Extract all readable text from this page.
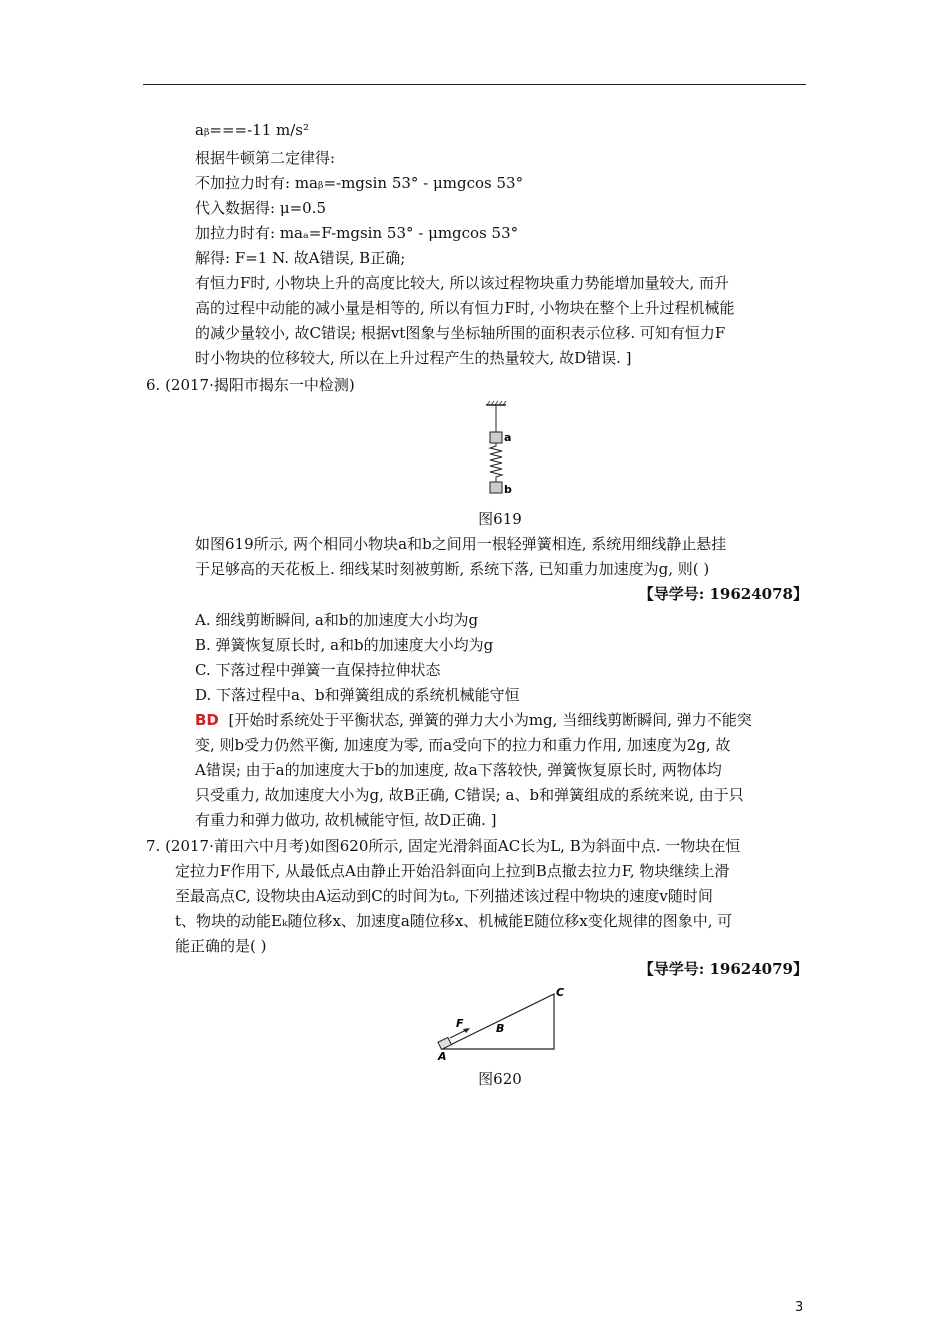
aᵦ===-11 m/s²
根据牛顿第二定律得:
不加拉力时有: maᵦ=-mgsin 53° - μmgcos 53°
代入数据得: μ=0.5
加拉力时有: maₐ=F-mgsin 53° - μmgcos 53°
解得: F=1 N. 故A错误, B正确;
有恒力F时, 小物块上升的高度比较大, 所以该过程物块重力势能增加量较大, 而升
高的过程中动能的减小量是相等的, 所以有恒力F时, 小物块在整个上升过程机械能
的减少量较小, 故C错误; 根据vt图象与坐标轴所围的面积表示位移. 可知有恒力F
时小物块的位移较大, 所以在上升过程产生的热量较大, 故D错误. ]
6. (2017·揭阳市揭东一中检测)
a
b
图619
如图619所示, 两个相同小物块a和b之间用一根轻弹簧相连, 系统用细线静止悬挂
于足够高的天花板上. 细线某时刻被剪断, 系统下落, 已知重力加速度为g, 则( )
【导学号: 19624078】
A. 细线剪断瞬间, a和b的加速度大小均为g
B. 弹簧恢复原长时, a和b的加速度大小均为g
C. 下落过程中弹簧一直保持拉伸状态
D. 下落过程中a、b和弹簧组成的系统机械能守恒
BD [开始时系统处于平衡状态, 弹簧的弹力大小为mg, 当细线剪断瞬间, 弹力不能突
变, 则b受力仍然平衡, 加速度为零, 而a受向下的拉力和重力作用, 加速度为2g, 故
A错误; 由于a的加速度大于b的加速度, 故a下落较快, 弹簧恢复原长时, 两物体均
只受重力, 故加速度大小为g, 故B正确, C错误; a、b和弹簧组成的系统来说, 由于只
有重力和弹力做功, 故机械能守恒, 故D正确. ]
7. (2017·莆田六中月考)如图620所示, 固定光滑斜面AC长为L, B为斜面中点. 一物块在恒
定拉力F作用下, 从最低点A由静止开始沿斜面向上拉到B点撤去拉力F, 物块继续上滑
至最高点C, 设物块由A运动到C的时间为t₀, 下列描述该过程中物块的速度v随时间
t、物块的动能Eₖ随位移x、加速度a随位移x、机械能E随位移x变化规律的图象中, 可
能正确的是( )
【导学号: 19624079】
F	B
C
A
图620
3
